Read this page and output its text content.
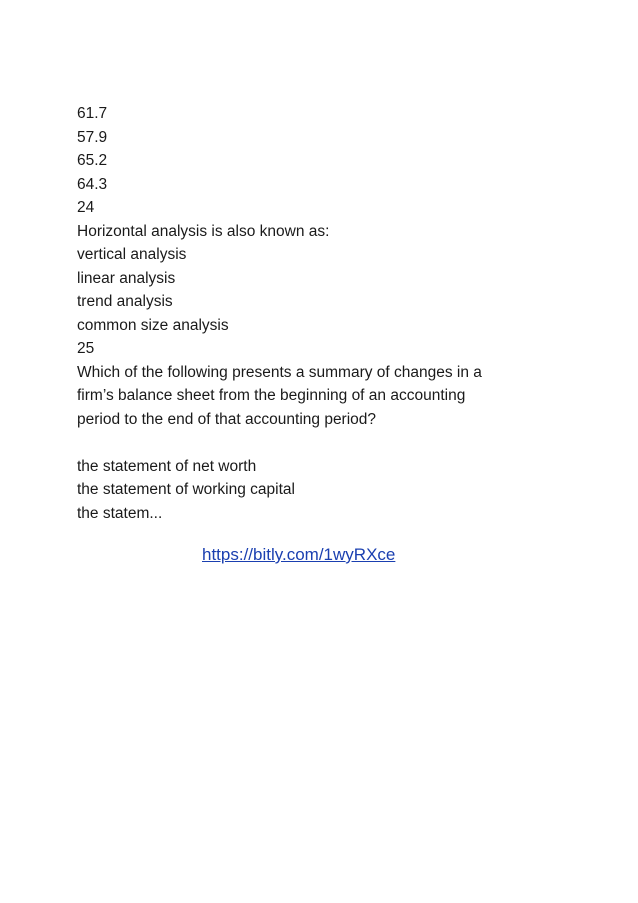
61.7
57.9
65.2
64.3
24
Horizontal analysis is also known as:
vertical analysis
linear analysis
trend analysis
common size analysis
25
Which of the following presents a summary of changes in a
firm’s balance sheet from the beginning of an accounting
period to the end of that accounting period?
the statement of net worth
the statement of working capital
the statem...
https://bitly.com/1wyRXce
